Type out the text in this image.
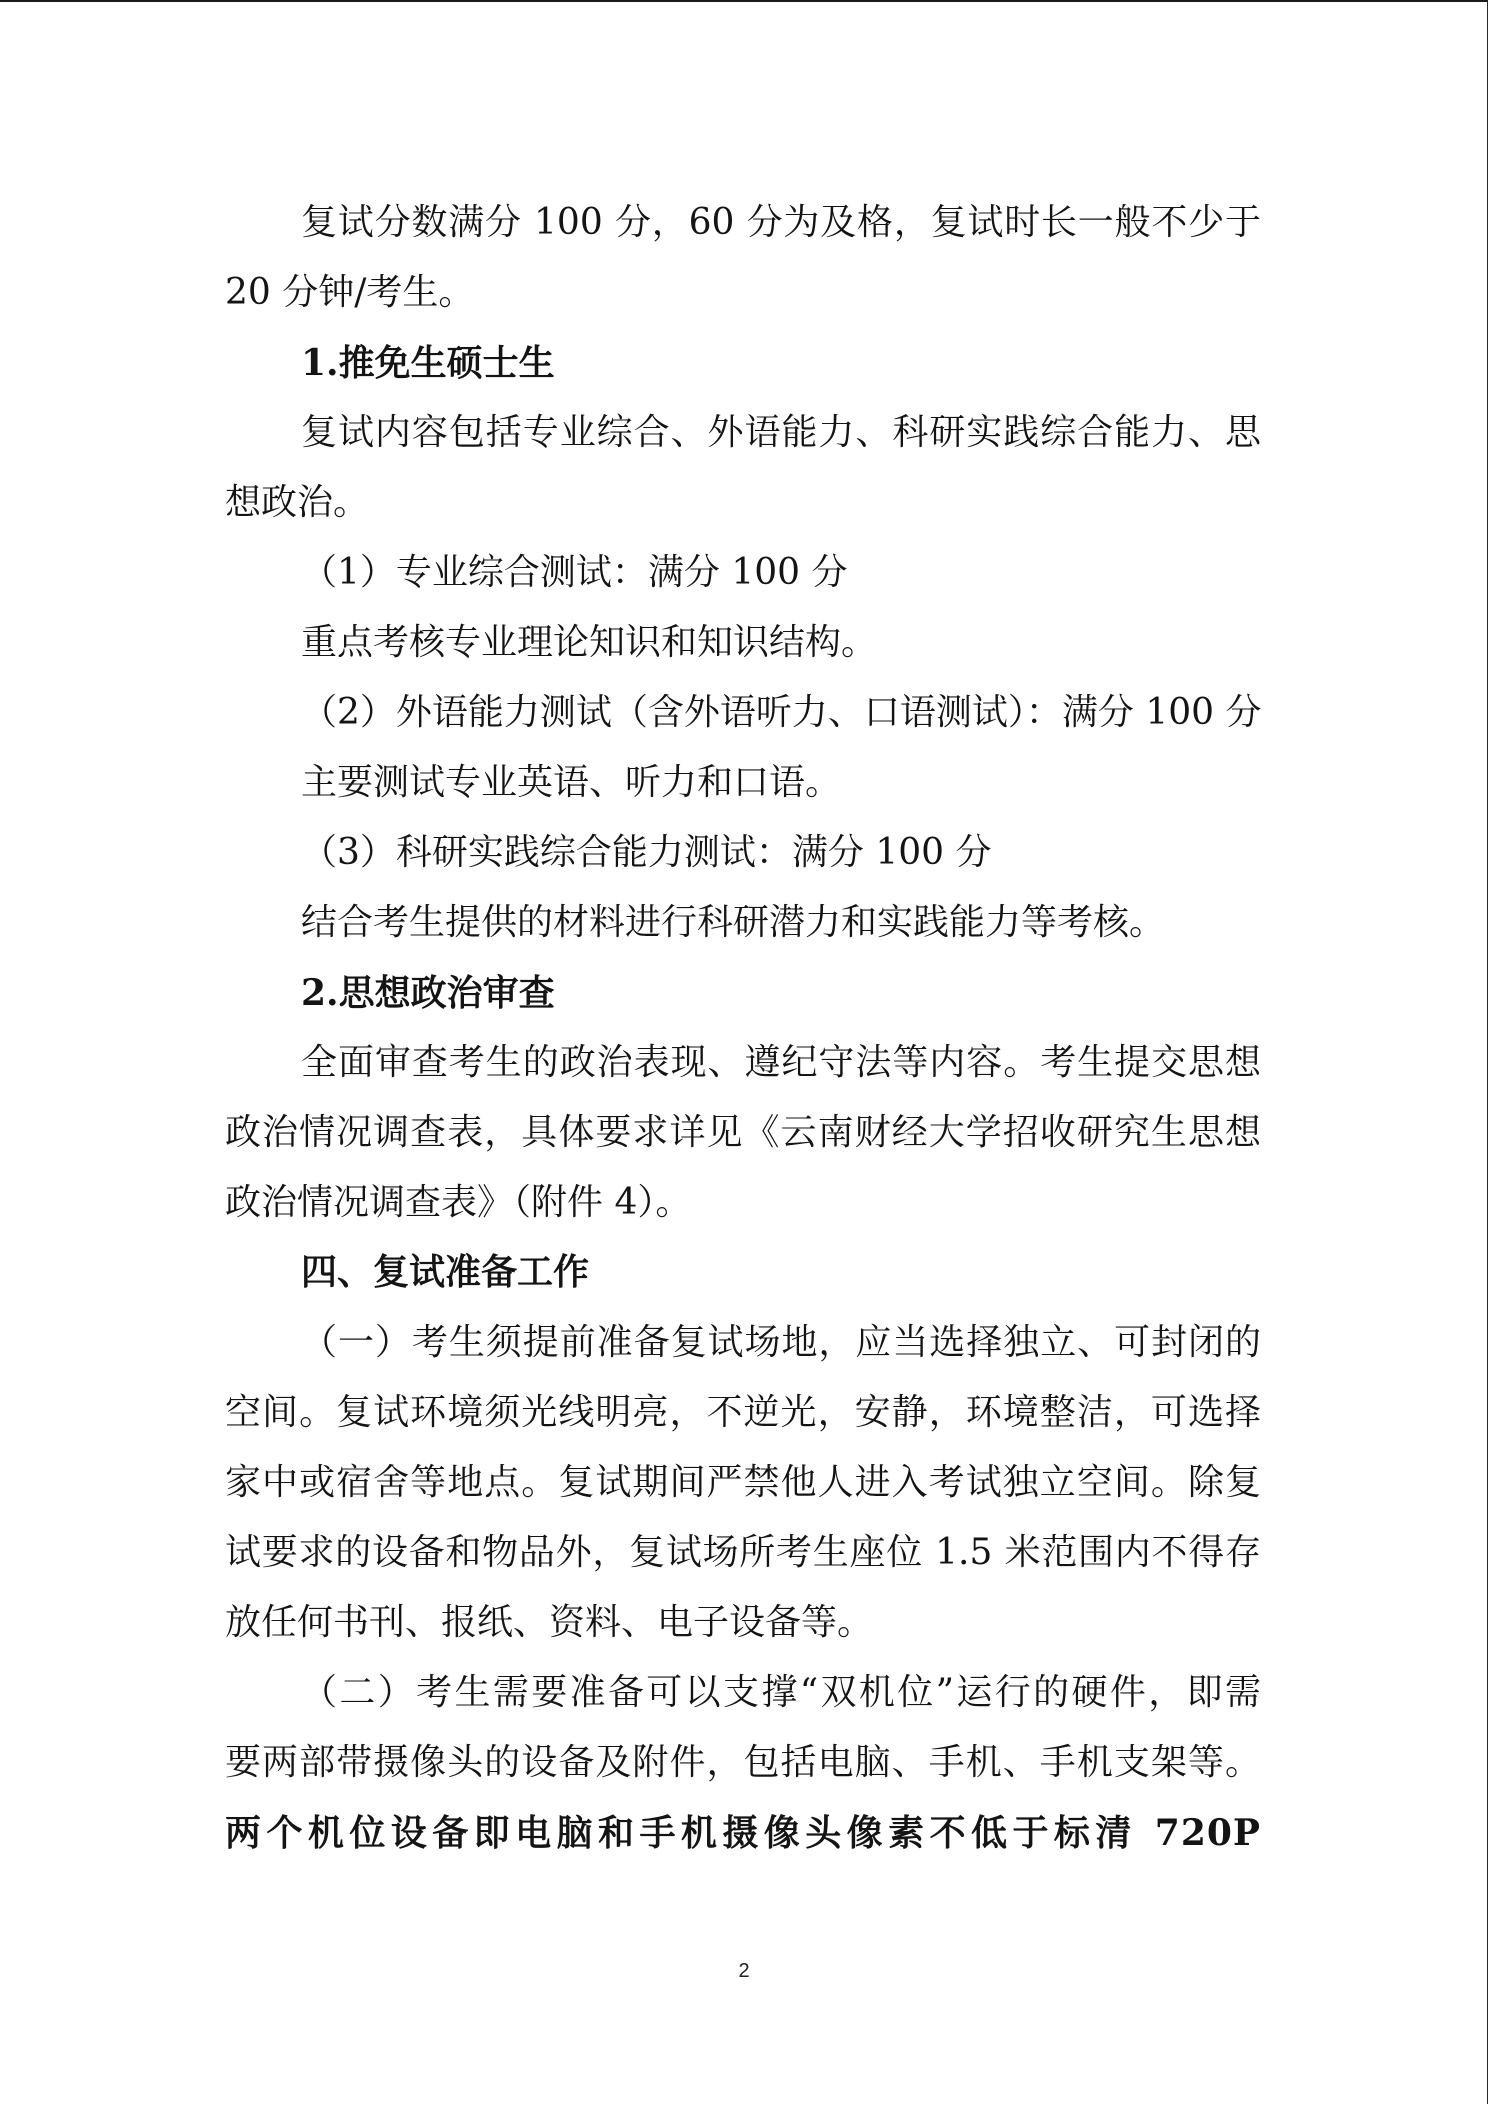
复试分数满分 100 分，60 分为及格，复试时长一般不少于
20 分钟/考生。
1.推免生硕士生
复试内容包括专业综合、外语能力、科研实践综合能力、思
想政治。
（1）专业综合测试：满分 100 分
重点考核专业理论知识和知识结构。
（2）外语能力测试（含外语听力、口语测试）：满分 100 分
主要测试专业英语、听力和口语。
（3）科研实践综合能力测试：满分 100 分
结合考生提供的材料进行科研潜力和实践能力等考核。
2.思想政治审查
全面审查考生的政治表现、遵纪守法等内容。考生提交思想
政治情况调查表，具体要求详见《云南财经大学招收研究生思想
政治情况调查表》（附件 4）。
四、复试准备工作
（一）考生须提前准备复试场地，应当选择独立、可封闭的
空间。复试环境须光线明亮，不逆光，安静，环境整洁，可选择
家中或宿舍等地点。复试期间严禁他人进入考试独立空间。除复
试要求的设备和物品外，复试场所考生座位 1.5 米范围内不得存
放任何书刊、报纸、资料、电子设备等。
（二）考生需要准备可以支撑“双机位”运行的硬件，即需
要两部带摄像头的设备及附件，包括电脑、手机、手机支架等。
两个机位设备即电脑和手机摄像头像素不低于标清 720P
2
